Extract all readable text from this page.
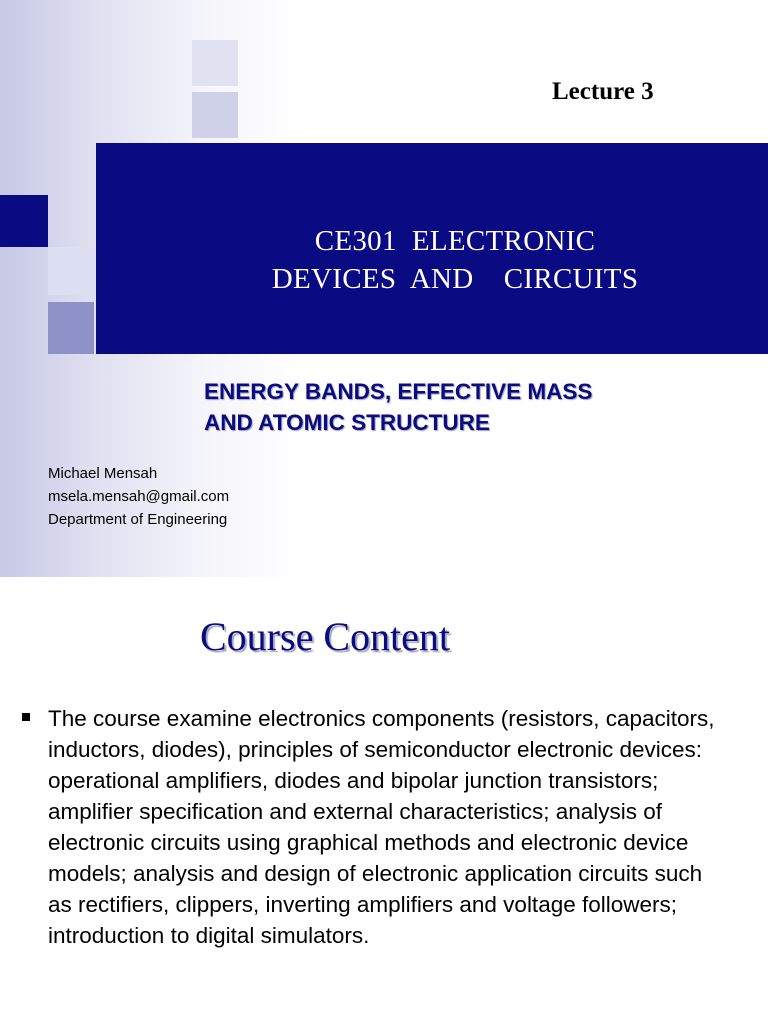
Lecture 3
CE301  ELECTRONIC
DEVICES  AND    CIRCUITS
ENERGY BANDS, EFFECTIVE MASS
AND ATOMIC STRUCTURE
Michael Mensah
msela.mensah@gmail.com
Department of Engineering
Course Content

The course examine electronics components (resistors, capacitors, inductors, diodes), principles of semiconductor electronic devices: operational amplifiers, diodes and bipolar junction transistors; amplifier specification and external characteristics; analysis of electronic circuits using graphical methods and electronic device models; analysis and design of electronic application circuits such as rectifiers, clippers, inverting amplifiers and voltage followers; introduction to digital simulators.
